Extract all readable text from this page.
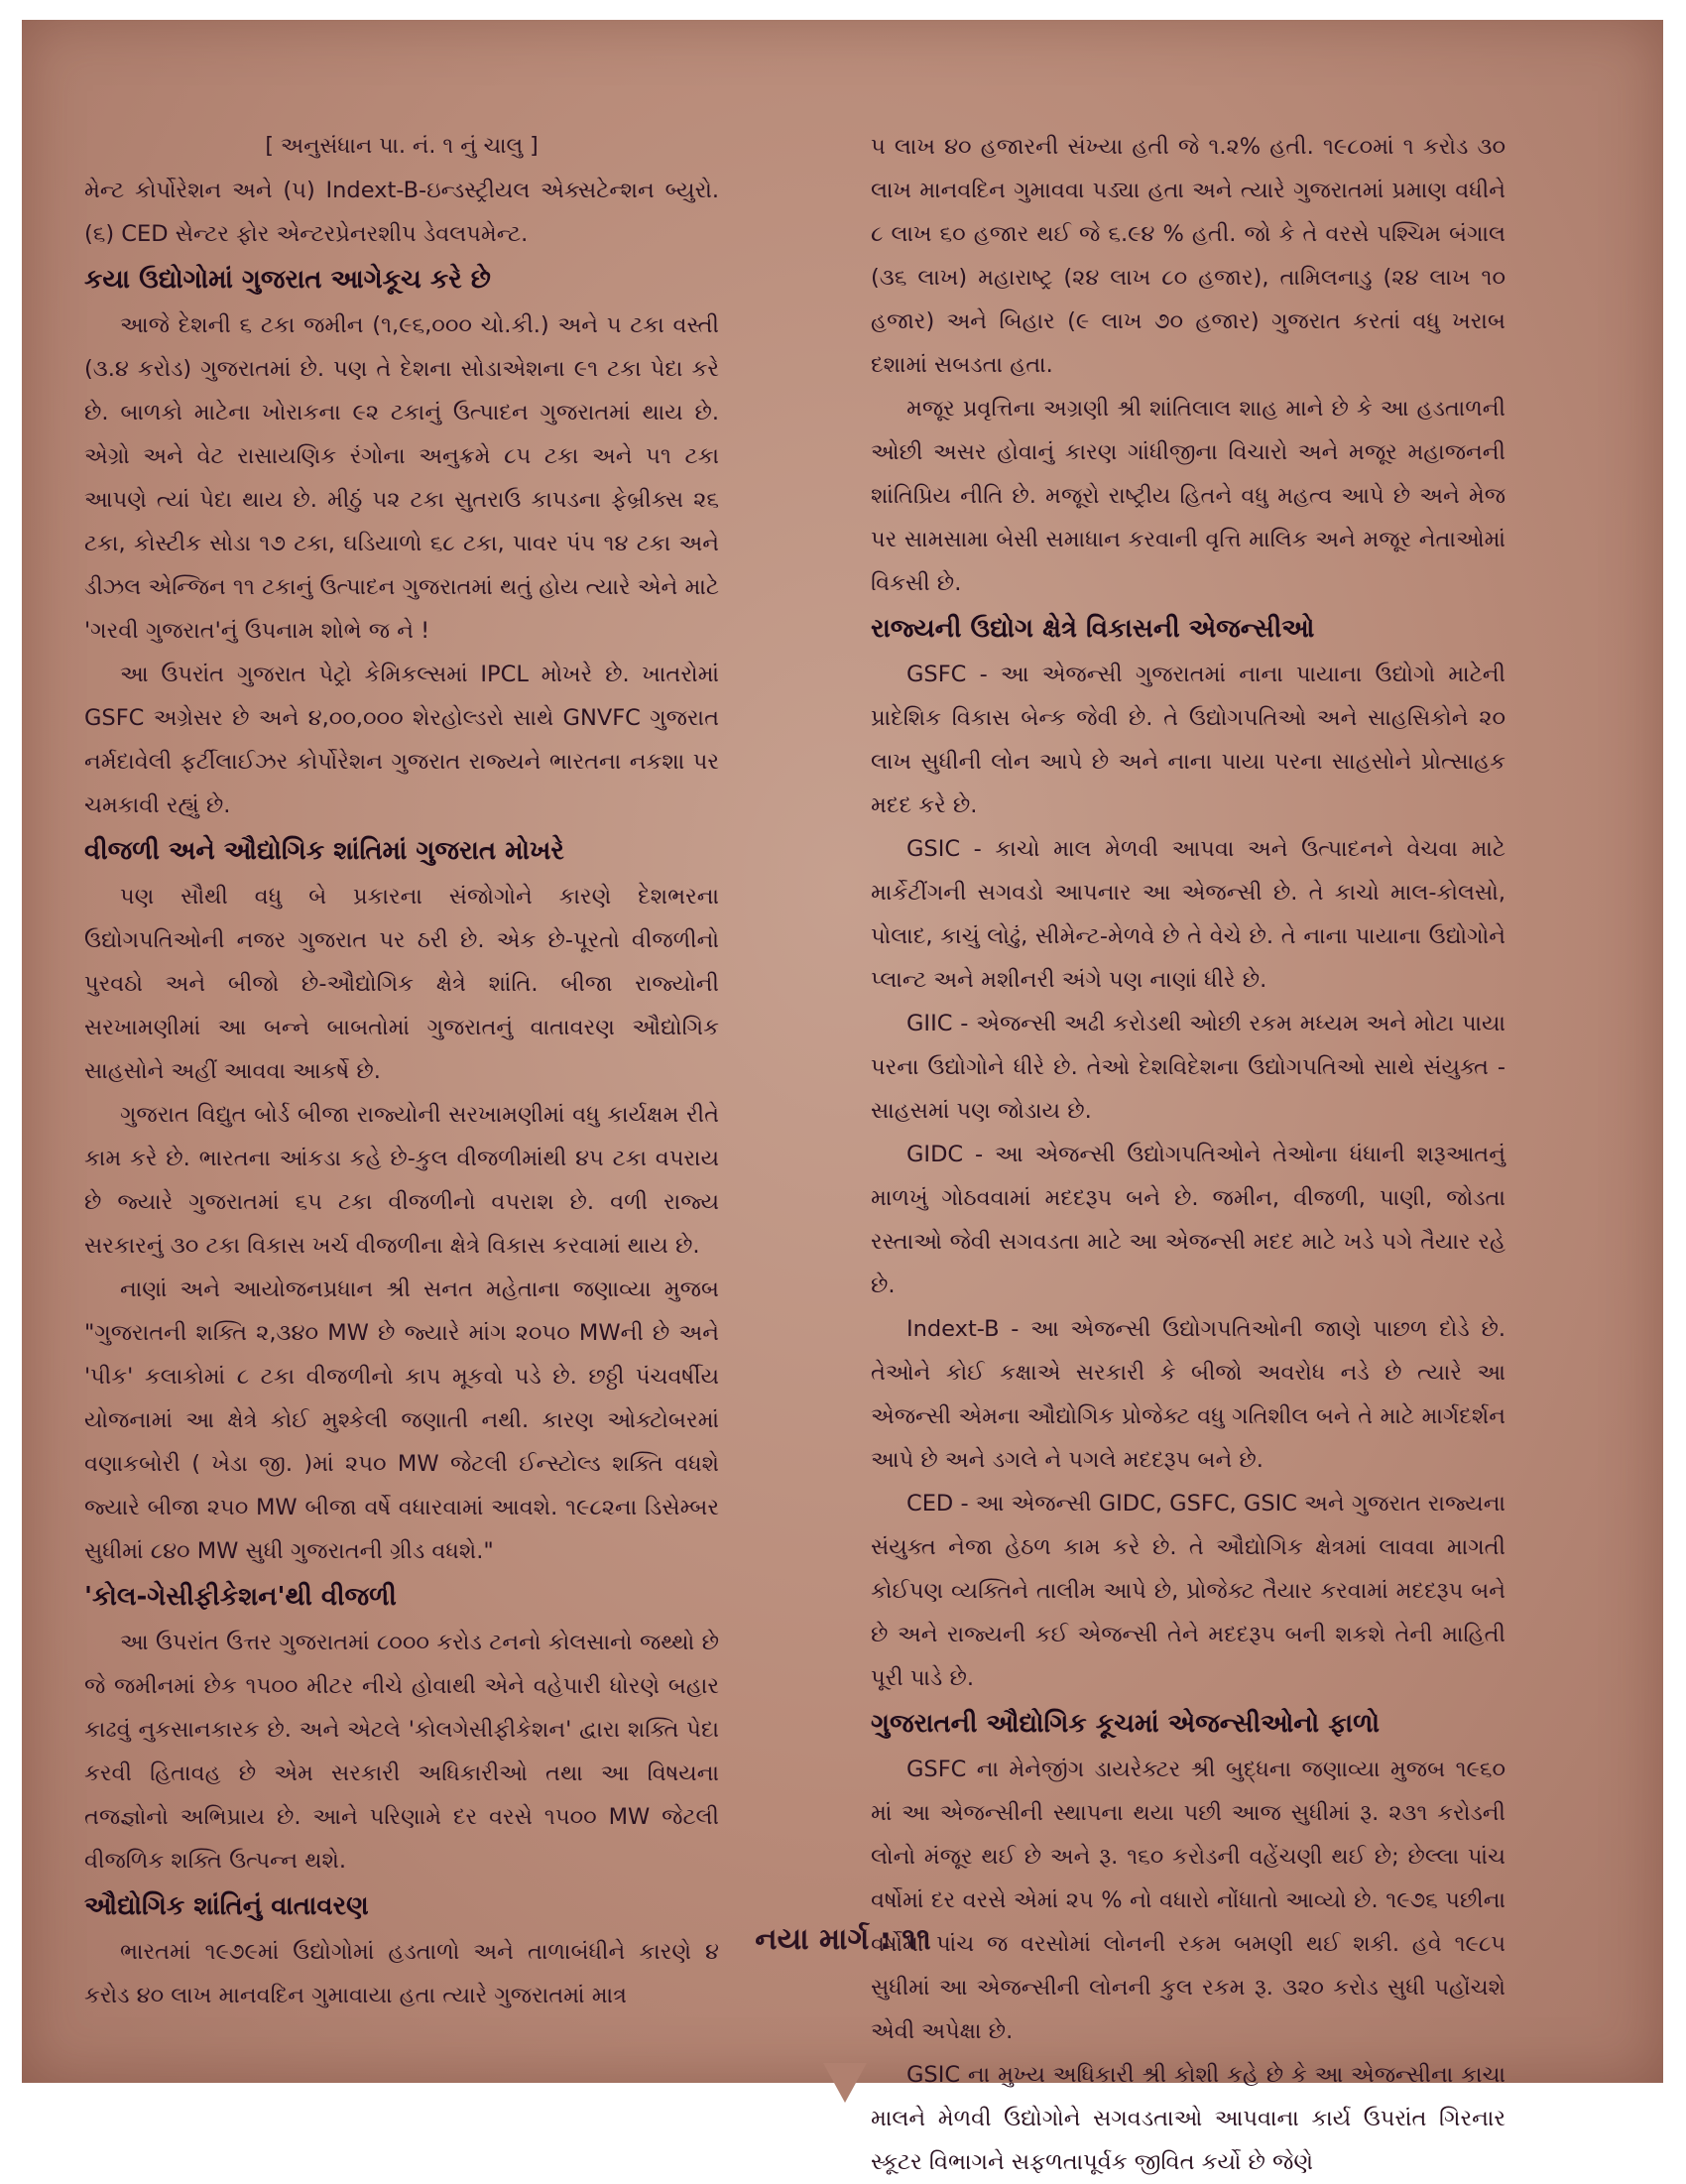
[ અનુસંધાન પા. નં. ૧ નું ચાલુ ]

મેન્ટ કોર્પોરેશન અને (૫) Indext-B-ઇન્ડસ્ટ્રીયલ એક્સટેન્શન બ્યુરો. (૬) CED સેન્ટર ફોર એન્ટરપ્રેનરશીપ ડેવલપમેન્ટ.

કયા ઉદ્યોગોમાં ગુજરાત આગેકૂચ કરે છે

આજે દેશની ૬ ટકા જમીન (૧,૯૬,૦૦૦ ચો.કી.) અને ૫ ટકા વસ્તી (૩.૪ કરોડ) ગુજરાતમાં છે. પણ તે દેશના સોડાએશના ૯૧ ટકા પેદા કરે છે. બાળકો માટેના ખોરાકના ૯૨ ટકાનું ઉત્પાદન ગુજરાતમાં થાય છે. એગ્રો અને વેટ રાસાયણિક રંગોના અનુક્રમે ૮૫ ટકા અને ૫૧ ટકા આપણે ત્યાં પેદા થાય છે. મીઠું ૫૨ ટકા સુતરાઉ કાપડના ફેબ્રીક્સ ૨૬ ટકા, કોસ્ટીક સોડા ૧૭ ટકા, ઘડિયાળો ૬૮ ટકા, પાવર પંપ ૧૪ ટકા અને ડીઝલ એન્જિન ૧૧ ટકાનું ઉત્પાદન ગુજરાતમાં થતું હોય ત્યારે એને માટે 'ગરવી ગુજરાત'નું ઉપનામ શોભે જ ને !

આ ઉપરાંત ગુજરાત પેટ્રો કેમિકલ્સમાં IPCL મોખરે છે. ખાતરોમાં GSFC અગ્રેસર છે અને ૪,૦૦,૦૦૦ શેરહોલ્ડરો સાથે GNVFC ગુજરાત નર્મદાવેલી ફર્ટીલાઈઝર કોર્પોરેશન ગુજરાત રાજ્યને ભારતના નકશા પર ચમકાવી રહ્યું છે.

વીજળી અને ઔદ્યોગિક શાંતિમાં ગુજરાત મોખરે

પણ સૌથી વધુ બે પ્રકારના સંજોગોને કારણે દેશભરના ઉદ્યોગપતિઓની નજર ગુજરાત પર ઠરી છે. એક છે-પૂરતો વીજળીનો પુરવઠો અને બીજો છે-ઔદ્યોગિક ક્ષેત્રે શાંતિ. બીજા રાજ્યોની સરખામણીમાં આ બન્ને બાબતોમાં ગુજરાતનું વાતાવરણ ઔદ્યોગિક સાહસોને અહીં આવવા આકર્ષે છે.

ગુજરાત વિદ્યુત બોર્ડ બીજા રાજ્યોની સરખામણીમાં વધુ કાર્યક્ષમ રીતે કામ કરે છે. ભારતના આંકડા કહે છે-કુલ વીજળીમાંથી ૪૫ ટકા વપરાય છે જ્યારે ગુજરાતમાં ૬૫ ટકા વીજળીનો વપરાશ છે. વળી રાજ્ય સરકારનું ૩૦ ટકા વિકાસ ખર્ચ વીજળીના ક્ષેત્રે વિકાસ કરવામાં થાય છે.

નાણાં અને આયોજનપ્રધાન શ્રી સનત મહેતાના જણાવ્યા મુજબ "ગુજરાતની શક્તિ ૨,૩૪૦ MW છે જ્યારે માંગ ૨૦૫૦ MWની છે અને 'પીક' કલાકોમાં ૮ ટકા વીજળીનો કાપ મૂકવો પડે છે. છઠ્ઠી પંચવર્ષીય યોજનામાં આ ક્ષેત્રે કોઈ મુશ્કેલી જણાતી નથી. કારણ ઓક્ટોબરમાં વણાકબોરી ( ખેડા જી. )માં ૨૫૦ MW જેટલી ઈન્સ્ટોલ્ડ શક્તિ વધશે જ્યારે બીજા ૨૫૦ MW બીજા વર્ષે વધારવામાં આવશે. ૧૯૮૨ના ડિસેમ્બર સુધીમાં ૮૪૦ MW સુધી ગુજરાતની ગ્રીડ વધશે."

'કોલ-ગેસીફીકેશન'થી વીજળી

આ ઉપરાંત ઉત્તર ગુજરાતમાં ૮૦૦૦ કરોડ ટનનો કોલસાનો જથ્થો છે જે જમીનમાં છેક ૧૫૦૦ મીટર નીચે હોવાથી એને વહેપારી ધોરણે બહાર કાઢવું નુકસાનકારક છે. અને એટલે 'કોલગેસીફીકેશન' દ્વારા શક્તિ પેદા કરવી હિતાવહ છે એમ સરકારી અધિકારીઓ તથા આ વિષયના તજજ્ઞોનો અભિપ્રાય છે. આને પરિણામે દર વરસે ૧૫૦૦ MW જેટલી વીજળિક શક્તિ ઉત્પન્ન થશે.

ઔદ્યોગિક શાંતિનું વાતાવરણ

ભારતમાં ૧૯૭૯માં ઉદ્યોગોમાં હડતાળો અને તાળાબંધીને કારણે ૪ કરોડ ૪૦ લાખ માનવદિન ગુમાવાયા હતા ત્યારે ગુજરાતમાં માત્ર

૫ લાખ ૪૦ હજારની સંખ્યા હતી જે ૧.૨% હતી. ૧૯૮૦માં ૧ કરોડ ૩૦ લાખ માનવદિન ગુમાવવા પડ્યા હતા અને ત્યારે ગુજરાતમાં પ્રમાણ વધીને ૮ લાખ ૬૦ હજાર થઈ જે ૬.૯૪ % હતી. જો કે તે વરસે પશ્ચિમ બંગાલ (૩૬ લાખ) મહારાષ્ટ્ર (૨૪ લાખ ૮૦ હજાર), તામિલનાડુ (૨૪ લાખ ૧૦ હજાર) અને બિહાર (૯ લાખ ૭૦ હજાર) ગુજરાત કરતાં વધુ ખરાબ દશામાં સબડતા હતા.

મજૂર પ્રવૃત્તિના અગ્રણી શ્રી શાંતિલાલ શાહ માને છે કે આ હડતાળની ઓછી અસર હોવાનું કારણ ગાંધીજીના વિચારો અને મજૂર મહાજનની શાંતિપ્રિય નીતિ છે. મજૂરો રાષ્ટ્રીય હિતને વધુ મહત્વ આપે છે અને મેજ પર સામસામા બેસી સમાધાન કરવાની વૃત્તિ માલિક અને મજૂર નેતાઓમાં વિકસી છે.

રાજ્યની ઉદ્યોગ ક્ષેત્રે વિકાસની એજન્સીઓ

GSFC - આ એજન્સી ગુજરાતમાં નાના પાયાના ઉદ્યોગો માટેની પ્રાદેશિક વિકાસ બેન્ક જેવી છે. તે ઉદ્યોગપતિઓ અને સાહસિકોને ૨૦ લાખ સુધીની લોન આપે છે અને નાના પાયા પરના સાહસોને પ્રોત્સાહક મદદ કરે છે.

GSIC - કાચો માલ મેળવી આપવા અને ઉત્પાદનને વેચવા માટે માર્કેટીંગની સગવડો આપનાર આ એજન્સી છે. તે કાચો માલ-કોલસો, પોલાદ, કાચું લોઢું, સીમેન્ટ-મેળવે છે તે વેચે છે. તે નાના પાયાના ઉદ્યોગોને પ્લાન્ટ અને મશીનરી અંગે પણ નાણાં ધીરે છે.

GIIC - એજન્સી અઢી કરોડથી ઓછી રકમ મધ્યમ અને મોટા પાયા પરના ઉદ્યોગોને ધીરે છે. તેઓ દેશવિદેશના ઉદ્યોગપતિઓ સાથે સંયુક્ત - સાહસમાં પણ જોડાય છે.

GIDC - આ એજન્સી ઉદ્યોગપતિઓને તેઓના ધંધાની શરૂઆતનું માળખું ગોઠવવામાં મદદરૂપ બને છે. જમીન, વીજળી, પાણી, જોડતા રસ્તાઓ જેવી સગવડતા માટે આ એજન્સી મદદ માટે ખડે પગે તૈયાર રહે છે.

Indext-B - આ એજન્સી ઉદ્યોગપતિઓની જાણે પાછળ દોડે છે. તેઓને કોઈ કક્ષાએ સરકારી કે બીજો અવરોધ નડે છે ત્યારે આ એજન્સી એમના ઔદ્યોગિક પ્રોજેક્ટ વધુ ગતિશીલ બને તે માટે માર્ગદર્શન આપે છે અને ડગલે ને પગલે મદદરૂપ બને છે.

CED - આ એજન્સી GIDC, GSFC, GSIC અને ગુજરાત રાજ્યના સંયુક્ત નેજા હેઠળ કામ કરે છે. તે ઔદ્યોગિક ક્ષેત્રમાં લાવવા માગતી કોઈપણ વ્યક્તિને તાલીમ આપે છે, પ્રોજેક્ટ તૈયાર કરવામાં મદદરૂપ બને છે અને રાજ્યની કઈ એજન્સી તેને મદદરૂપ બની શકશે તેની માહિતી પૂરી પાડે છે.

ગુજરાતની ઔદ્યોગિક કૂચમાં એજન્સીઓનો ફાળો

GSFC ના મેનેજીંગ ડાયરેક્ટર શ્રી બુદ્ધના જણાવ્યા મુજબ ૧૯૬૦ માં આ એજન્સીની સ્થાપના થયા પછી આજ સુધીમાં રૂ. ૨૩૧ કરોડની લોનો મંજૂર થઈ છે અને રૂ. ૧૬૦ કરોડની વહેંચણી થઈ છે; છેલ્લા પાંચ વર્ષોમાં દર વરસે એમાં ૨૫ % નો વધારો નોંધાતો આવ્યો છે. ૧૯૭૬ પછીના વર્ષોમાં પાંચ જ વરસોમાં લોનની રકમ બમણી થઈ શકી. હવે ૧૯૮૫ સુધીમાં આ એજન્સીની લોનની કુલ રકમ રૂ. ૩૨૦ કરોડ સુધી પહોંચશે એવી અપેક્ષા છે.

GSIC ના મુખ્ય અધિકારી શ્રી કોશી કહે છે કે આ એજન્સીના કાચા માલને મેળવી ઉદ્યોગોને સગવડતાઓ આપવાના કાર્ય ઉપરાંત ગિરનાર સ્કૂટર વિભાગને સફળતાપૂર્વક જીવિત કર્યો છે જેણે

નયા માર્ગ : ૧૧
